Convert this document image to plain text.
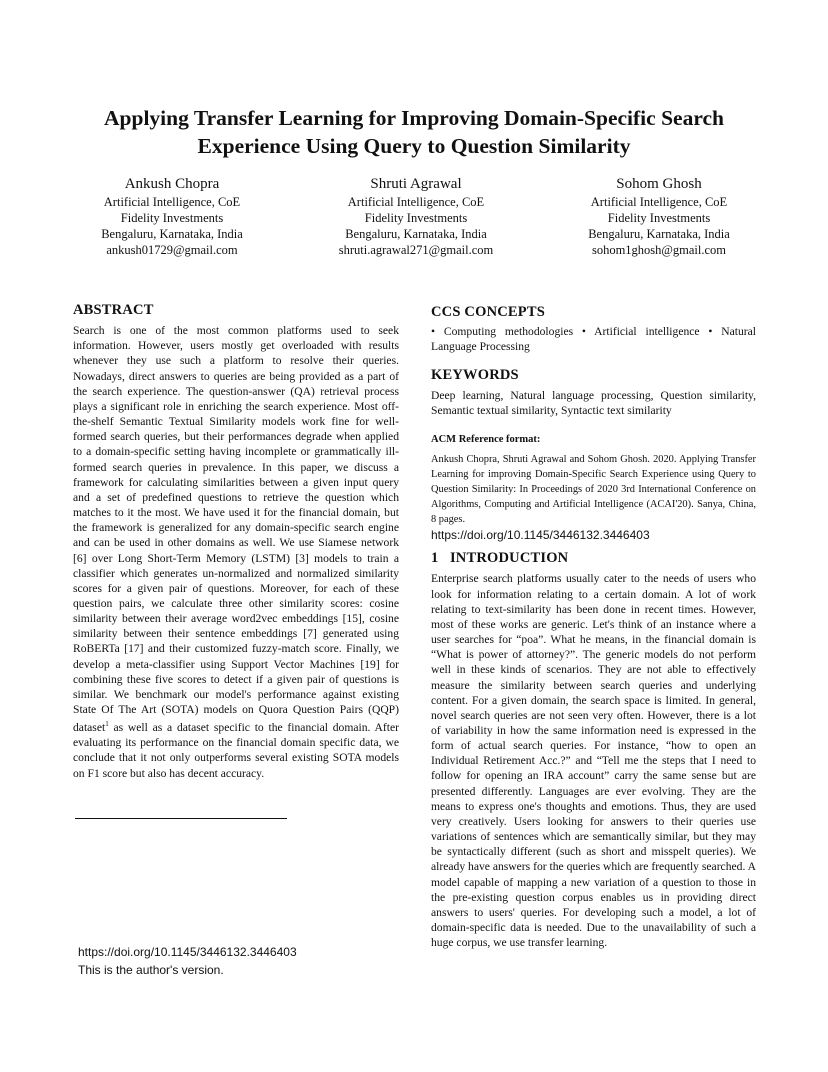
Applying Transfer Learning for Improving Domain-Specific Search Experience Using Query to Question Similarity
Ankush Chopra
Artificial Intelligence, CoE
Fidelity Investments
Bengaluru, Karnataka, India
ankush01729@gmail.com
Shruti Agrawal
Artificial Intelligence, CoE
Fidelity Investments
Bengaluru, Karnataka, India
shruti.agrawal271@gmail.com
Sohom Ghosh
Artificial Intelligence, CoE
Fidelity Investments
Bengaluru, Karnataka, India
sohom1ghosh@gmail.com
ABSTRACT

Search is one of the most common platforms used to seek information. However, users mostly get overloaded with results whenever they use such a platform to resolve their queries. Nowadays, direct answers to queries are being provided as a part of the search experience. The question-answer (QA) retrieval process plays a significant role in enriching the search experience. Most off-the-shelf Semantic Textual Similarity models work fine for well-formed search queries, but their performances degrade when applied to a domain-specific setting having incomplete or grammatically ill-formed search queries in prevalence. In this paper, we discuss a framework for calculating similarities between a given input query and a set of predefined questions to retrieve the question which matches to it the most. We have used it for the financial domain, but the framework is generalized for any domain-specific search engine and can be used in other domains as well. We use Siamese network [6] over Long Short-Term Memory (LSTM) [3] models to train a classifier which generates un-normalized and normalized similarity scores for a given pair of questions. Moreover, for each of these question pairs, we calculate three other similarity scores: cosine similarity between their average word2vec embeddings [15], cosine similarity between their sentence embeddings [7] generated using RoBERTa [17] and their customized fuzzy-match score. Finally, we develop a meta-classifier using Support Vector Machines [19] for combining these five scores to detect if a given pair of questions is similar. We benchmark our model's performance against existing State Of The Art (SOTA) models on Quora Question Pairs (QQP) dataset$^1$ as well as a dataset specific to the financial domain. After evaluating its performance on the financial domain specific data, we conclude that it not only outperforms several existing SOTA models on F1 score but also has decent accuracy.

https://doi.org/10.1145/3446132.3446403
This is the author's version.
CCS CONCEPTS

• Computing methodologies • Artificial intelligence • Natural Language Processing

KEYWORDS

Deep learning, Natural language processing, Question similarity, Semantic textual similarity, Syntactic text similarity

ACM Reference format:

Ankush Chopra, Shruti Agrawal and Sohom Ghosh. 2020. Applying Transfer Learning for improving Domain-Specific Search Experience using Query to Question Similarity: In Proceedings of 2020 3rd International Conference on Algorithms, Computing and Artificial Intelligence (ACAI'20). Sanya, China, 8 pages.

https://doi.org/10.1145/3446132.3446403
1 INTRODUCTION

Enterprise search platforms usually cater to the needs of users who look for information relating to a certain domain. A lot of work relating to text-similarity has been done in recent times. However, most of these works are generic. Let's think of an instance where a user searches for “poa”. What he means, in the financial domain is “What is power of attorney?”. The generic models do not perform well in these kinds of scenarios. They are not able to effectively measure the similarity between search queries and underlying content. For a given domain, the search space is limited. In general, novel search queries are not seen very often. However, there is a lot of variability in how the same information need is expressed in the form of actual search queries. For instance, “how to open an Individual Retirement Acc.?” and “Tell me the steps that I need to follow for opening an IRA account” carry the same sense but are presented differently. Languages are ever evolving. They are the means to express one's thoughts and emotions. Thus, they are used very creatively. Users looking for answers to their queries use variations of sentences which are semantically similar, but they may be syntactically different (such as short and misspelt queries). We already have answers for the queries which are frequently searched. A model capable of mapping a new variation of a question to those in the pre-existing question corpus enables us in providing direct answers to users' queries. For developing such a model, a lot of domain-specific data is needed. Due to the unavailability of such a huge corpus, we use transfer learning.
